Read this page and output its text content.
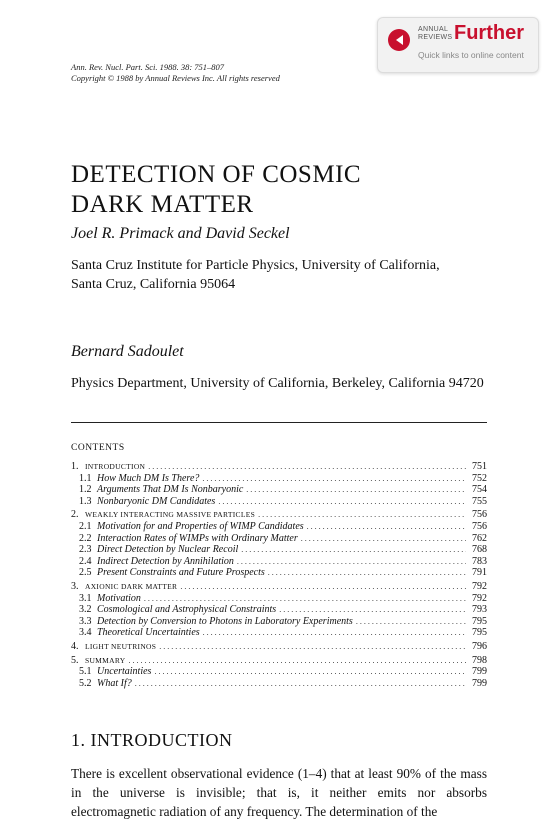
ANNUAL
REVIEWS Further
Quick links to online content
Ann. Rev. Nucl. Part. Sci. 1988. 38: 751–807
Copyright © 1988 by Annual Reviews Inc. All rights reserved
DETECTION OF COSMIC
DARK MATTER
Joel R. Primack and David Seckel
Santa Cruz Institute for Particle Physics, University of California,
Santa Cruz, California 95064
Bernard Sadoulet
Physics Department, University of California, Berkeley, California 94720
CONTENTS
1. INTRODUCTION . . .	751
1.1 How Much DM Is There? . . .	752
1.2 Arguments That DM Is Nonbaryonic . . .	754
1.3 Nonbaryonic DM Candidates . . .	755
2. WEAKLY INTERACTING MASSIVE PARTICLES . . .	756
2.1 Motivation for and Properties of WIMP Candidates . . .	756
2.2 Interaction Rates of WIMPs with Ordinary Matter . . .	762
2.3 Direct Detection by Nuclear Recoil . . .	768
2.4 Indirect Detection by Annihilation . . .	783
2.5 Present Constraints and Future Prospects . . .	791
3. AXIONIC DARK MATTER . . .	792
3.1 Motivation . . .	792
3.2 Cosmological and Astrophysical Constraints . . .	793
3.3 Detection by Conversion to Photons in Laboratory Experiments . . .	795
3.4 Theoretical Uncertainties . . .	795
4. LIGHT NEUTRINOS . . .	796
5. SUMMARY . . .	798
5.1 Uncertainties . . .	799
5.2 What If? . . .	799
1. INTRODUCTION

There is excellent observational evidence (1–4) that at least 90% of the mass in the universe is invisible; that is, it neither emits nor absorbs electromagnetic radiation of any frequency. The determination of the
